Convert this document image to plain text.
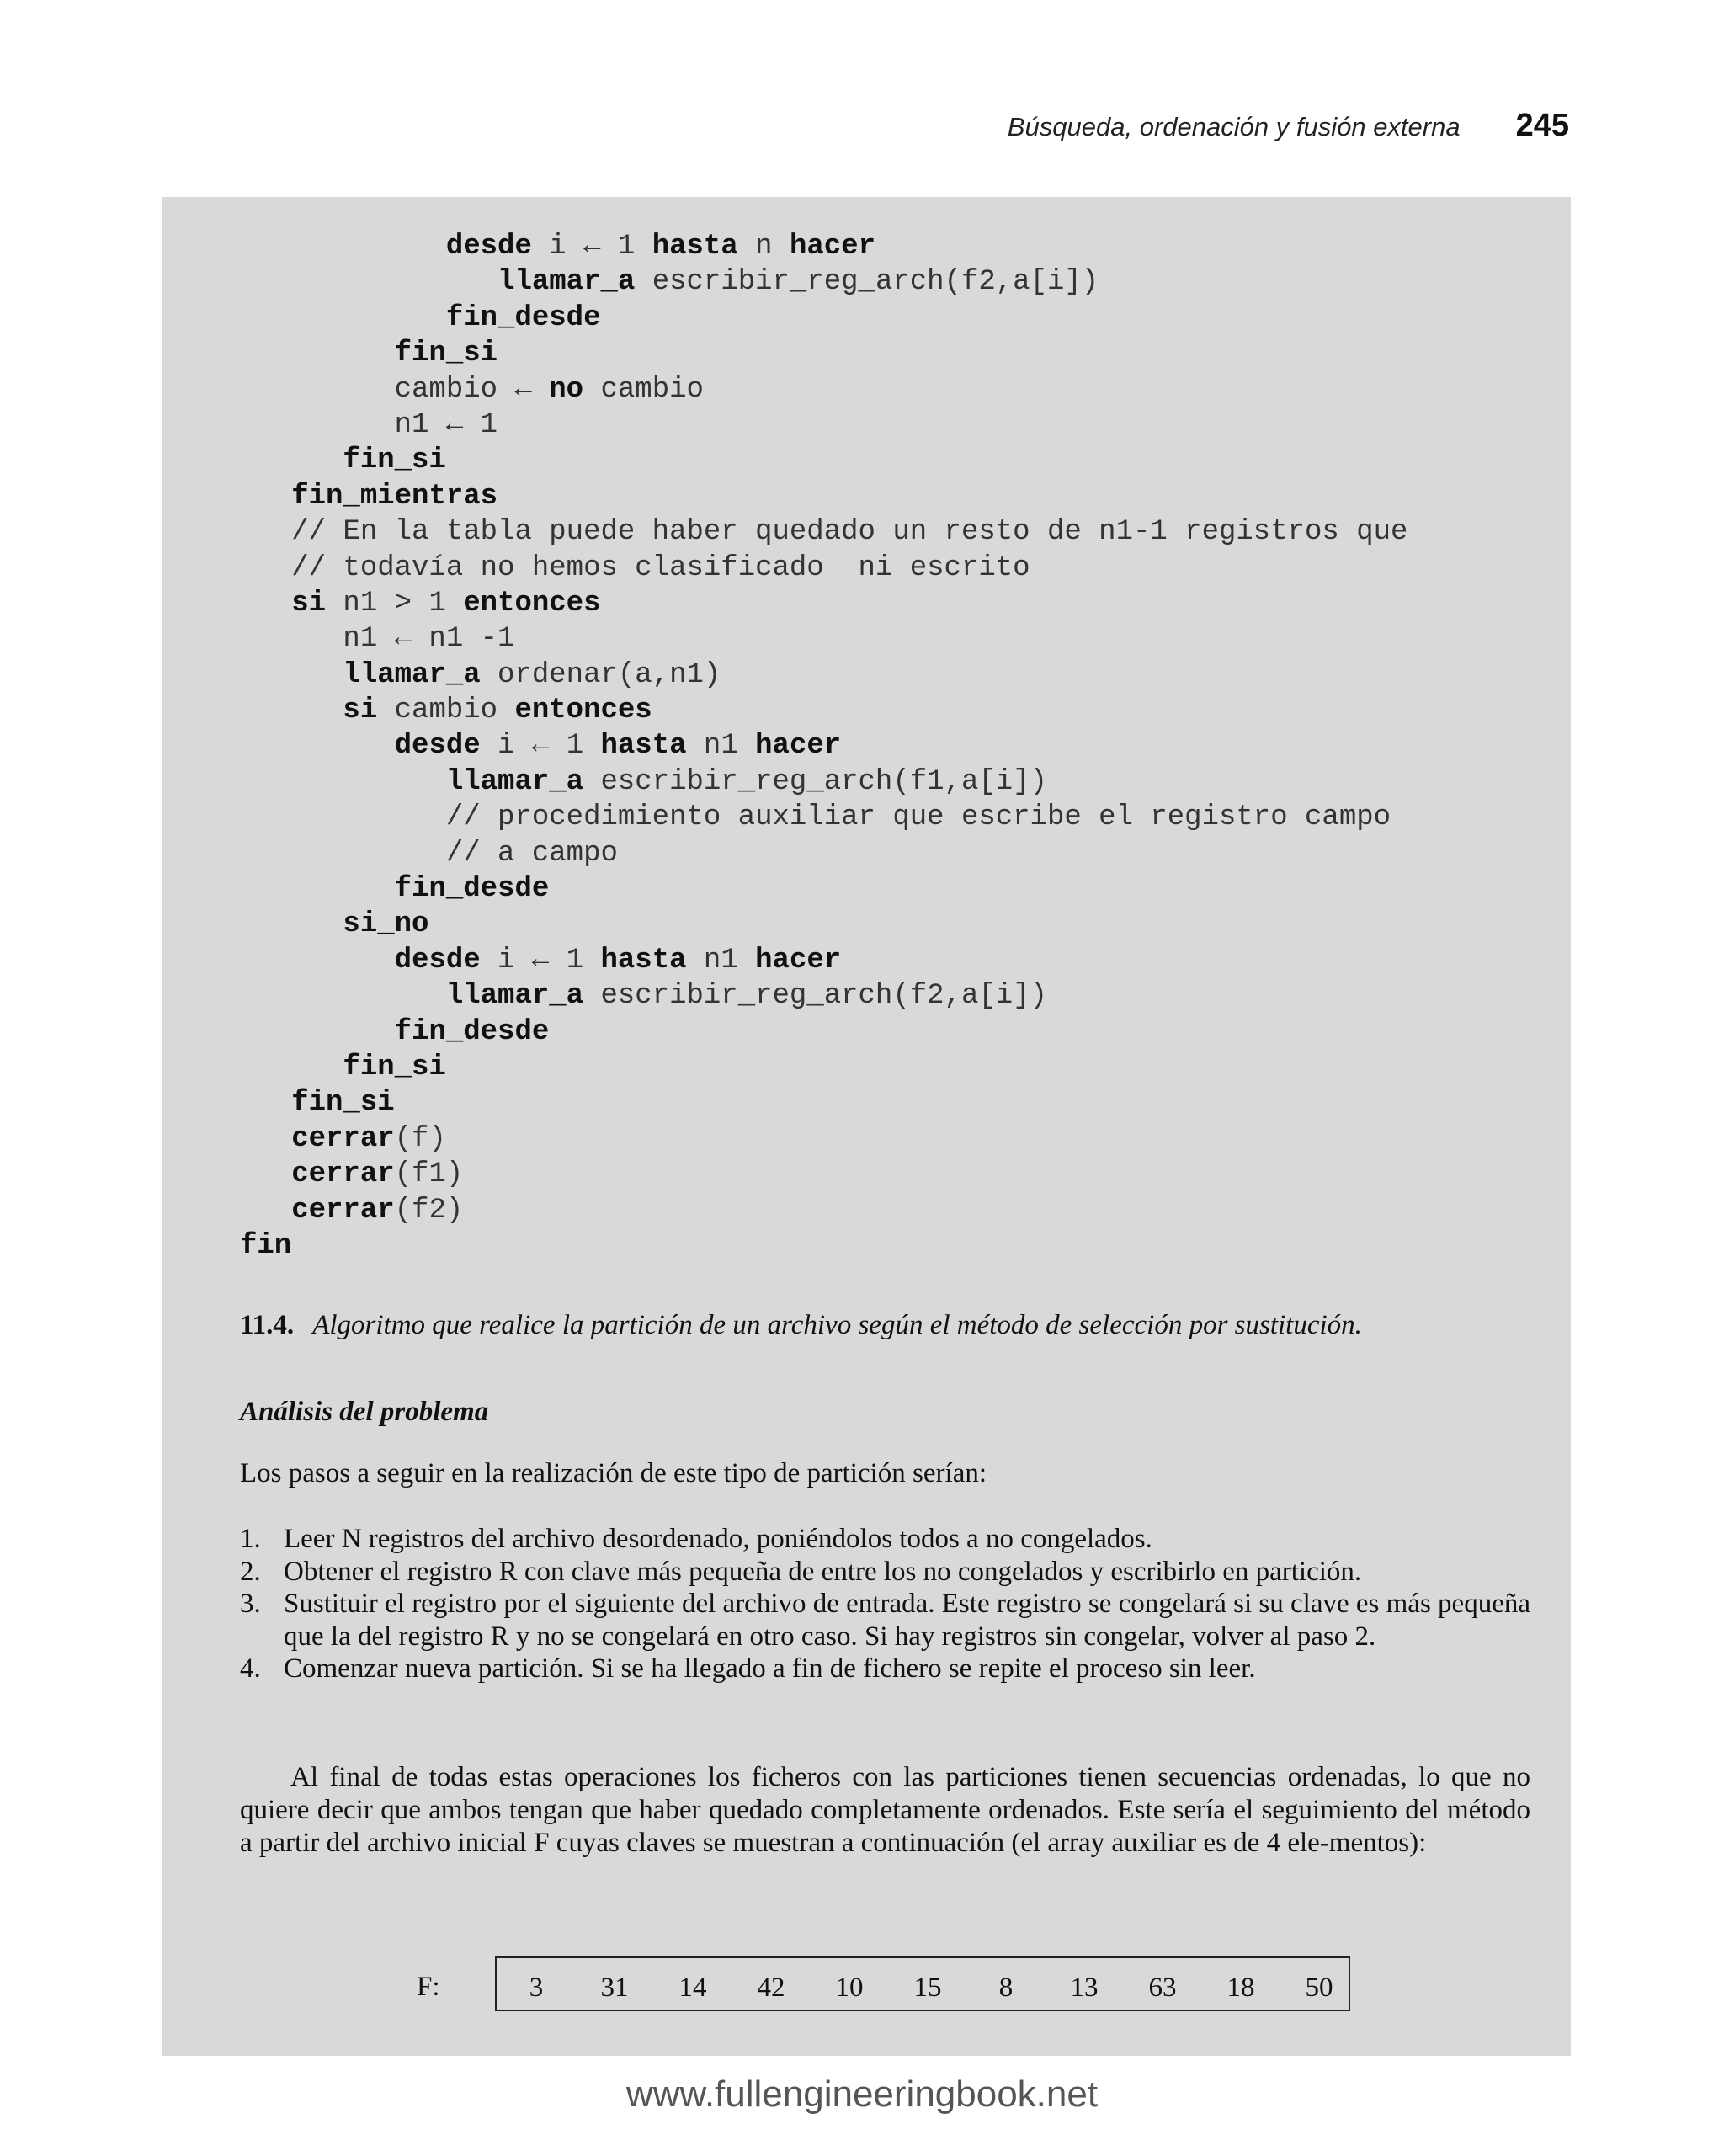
Búsqueda, ordenación y fusión externa 245
desde i ← 1 hasta n hacer
llamar_a escribir_reg_arch(f2,a[i])
fin_desde
fin_si
cambio ← no cambio
n1 ← 1
fin_si
fin_mientras
// En la tabla puede haber quedado un resto de n1-1 registros que
// todavía no hemos clasificado  ni escrito
si n1 > 1 entonces
n1 ← n1 -1
llamar_a ordenar(a,n1)
si cambio entonces
desde i ← 1 hasta n1 hacer
llamar_a escribir_reg_arch(f1,a[i])
// procedimiento auxiliar que escribe el registro campo
// a campo
fin_desde
si_no
desde i ← 1 hasta n1 hacer
llamar_a escribir_reg_arch(f2,a[i])
fin_desde
fin_si
fin_si
cerrar(f)
cerrar(f1)
cerrar(f2)
fin
11.4. Algoritmo que realice la partición de un archivo según el método de selección por sustitución.
Análisis del problema
Los pasos a seguir en la realización de este tipo de partición serían:
1. Leer N registros del archivo desordenado, poniéndolos todos a no congelados.
2. Obtener el registro R con clave más pequeña de entre los no congelados y escribirlo en partición.
3. Sustituir el registro por el siguiente del archivo de entrada. Este registro se congelará si su clave es más pequeña que la del registro R y no se congelará en otro caso. Si hay registros sin congelar, volver al paso 2.
4. Comenzar nueva partición. Si se ha llegado a fin de fichero se repite el proceso sin leer.

Al final de todas estas operaciones los ficheros con las particiones tienen secuencias ordenadas, lo que no quiere decir que ambos tengan que haber quedado completamente ordenados. Este sería el seguimiento del método a partir del archivo inicial F cuyas claves se muestran a continuación (el array auxiliar es de 4 ele-mentos):

F:	3 31 14 42 10 15 8 13 63 18 50
www.fullengineeringbook.net
